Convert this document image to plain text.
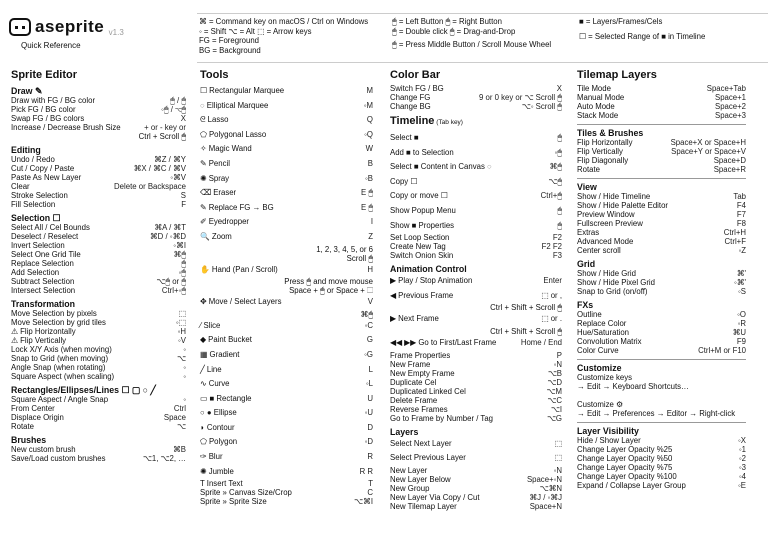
aseprite v1.3
Quick Reference
⌘ = Command key on macOS / Ctrl on Windows
◦ = Shift ⌥ = Alt ⬚ = Arrow keys
FG = Foreground
BG = Background
🖱 = Left Button 🖱 = Right Button
🖱 = Double click 🖱 = Drag-and-Drop
🖱 = Press Middle Button / Scroll Mouse Wheel
■ = Layers/Frames/Cels
☐ = Selected Range of ■ in Timeline
Sprite Editor
Draw ✎
Draw with FG / BG color	🖱 / 🖱
Pick FG / BG color	◦🖱 / ⌥🖱
Swap FG / BG colors	X
Increase / Decrease Brush Size	+ or - key or
Ctrl + Scroll 🖱
Editing
Undo / Redo	⌘Z / ⌘Y
Cut / Copy / Paste	⌘X / ⌘C / ⌘V
Paste As New Layer	◦⌘V
Clear	Delete or Backspace
Stroke Selection	S
Fill Selection	F
Selection ☐
Select All / Cel Bounds	⌘A / ⌘T
Deselect / Reselect	⌘D / ◦⌘D
Invert Selection	◦⌘I
Select One Grid Tile	⌘🖱
Replace Selection	🖱
Add Selection	◦🖱
Subtract Selection	⌥🖱 or 🖱
Intersect Selection	Ctrl+◦🖱
Transformation
Move Selection by pixels	⬚
Move Selection by grid tiles	◦⬚
⚠ Flip Horizontally	◦H
⚠ Flip Vertically	◦V
Lock X/Y Axis (when moving)	◦
Snap to Grid (when moving)	⌥
Angle Snap (when rotating)	◦
Square Aspect (when scaling)	◦
Rectangles/Ellipses/Lines ☐ ▢ ○ ╱
Square Aspect / Angle Snap	◦
From Center	Ctrl
Displace Origin	Space
Rotate	⌥
Brushes
New custom brush	⌘B
Save/Load custom brushes	⌥1, ⌥2, …
Tools
☐ Rectangular Marquee	M
◌ Elliptical Marquee	◦M
ᘓ Lasso	Q
⬠ Polygonal Lasso	◦Q
✧ Magic Wand	W
✎ Pencil	B
✺ Spray	◦B
⌫ Eraser	E 🖱
✎ Replace FG → BG	E 🖱
✐ Eyedropper	I
🔍 Zoom	Z
1, 2, 3, 4, 5, or 6
Scroll 🖱
✋ Hand (Pan / Scroll)	H
Press 🖱 and move mouse
Space + 🖱 or Space + ⬚
✥ Move / Select Layers	V
⌘🖱
⁄ Slice	◦C
◆ Paint Bucket	G
▦ Gradient	◦G
╱ Line	L
∿ Curve	◦L
▭ ■ Rectangle	U
○ ● Ellipse	◦U
◗ Contour	D
⬠ Polygon	◦D
✑ Blur	R
✺ Jumble	R R
T Insert Text	T
Sprite » Canvas Size/Crop	C
Sprite » Sprite Size	⌥⌘I
Color Bar
Switch FG / BG	X
Change FG	9 or 0 key or ⌥ Scroll 🖱
Change BG	⌥◦ Scroll 🖱
Timeline (Tab key)
Select ■	🖱
Add ■ to Selection	◦🖱
Select ■ Content in Canvas ◌	⌘🖱
Copy ☐	⌥🖱
Copy or move ☐	Ctrl+🖱
Show Popup Menu	🖱
Show ■ Properties	🖱
Set Loop Section	F2
Create New Tag	F2 F2
Switch Onion Skin	F3
Animation Control
▶ Play / Stop Animation	Enter
◀ Previous Frame	⬚ or ,
Ctrl + Shift + Scroll 🖱
▶ Next Frame	⬚ or .
Ctrl + Shift + Scroll 🖱
◀◀ ▶▶ Go to First/Last Frame	Home / End
Frame Properties	P
New Frame	◦N
New Empty Frame	⌥B
Duplicate Cel	⌥D
Duplicated Linked Cel	⌥M
Delete Frame	⌥C
Reverse Frames	⌥I
Go to Frame by Number / Tag	⌥G
Layers
Select Next Layer	⬚
Select Previous Layer	⬚
New Layer	◦N
New Layer Below	Space+◦N
New Group	⌥⌘N
New Layer Via Copy / Cut	⌘J / ◦⌘J
New Tilemap Layer	Space+N
Tilemap Layers
Tile Mode	Space+Tab
Manual Mode	Space+1
Auto Mode	Space+2
Stack Mode	Space+3
Tiles & Brushes
Flip Horizontally	Space+X or Space+H
Flip Vertically	Space+Y or Space+V
Flip Diagonally	Space+D
Rotate	Space+R
View
Show / Hide Timeline	Tab
Show / Hide Palette Editor	F4
Preview Window	F7
Fullscreen Preview	F8
Extras	Ctrl+H
Advanced Mode	Ctrl+F
Center scroll	◦Z
Grid
Show / Hide Grid	⌘'
Show / Hide Pixel Grid	◦⌘'
Snap to Grid (on/off)	◦S
FXs
Outline	◦O
Replace Color	◦R
Hue/Saturation	⌘U
Convolution Matrix	F9
Color Curve	Ctrl+M or F10
Customize
Customize keys
→ Edit → Keyboard Shortcuts…
Customize ⚙
→ Edit → Preferences → Editor → Right-click
Layer Visibility
Hide / Show Layer	◦X
Change Layer Opacity %25	◦1
Change Layer Opacity %50	◦2
Change Layer Opacity %75	◦3
Change Layer Opacity %100	◦4
Expand / Collapse Layer Group	◦E
